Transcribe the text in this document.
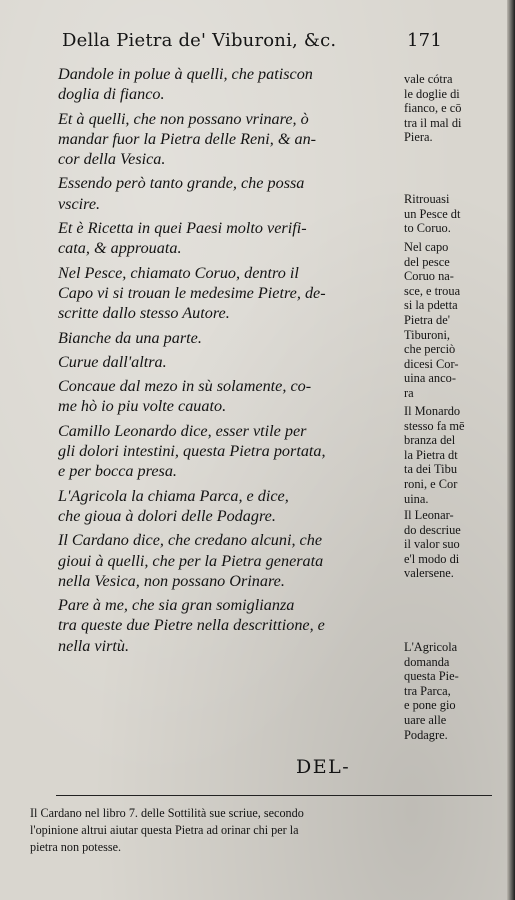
Della Pietra de' Viburoni, &c.	171
Dandole in polue à quelli, che patiscon
doglia di fianco.
Et à quelli, che non possano vrinare, ò
mandar fuor la Pietra delle Reni, & an-
cor della Vesica.
Essendo però tanto grande, che possa
vscire.
Et è Ricetta in quei Paesi molto verifi-
cata, & approuata.
Nel Pesce, chiamato Coruo, dentro il
Capo vi si trouan le medesime Pietre, de-
scritte dallo stesso Autore.
Bianche da una parte.
Curue dall'altra.
Concaue dal mezo in sù solamente, co-
me hò io piu volte cauato.
Camillo Leonardo dice, esser vtile per
gli dolori intestini, questa Pietra portata,
e per bocca presa.
L'Agricola la chiama Parca, e dice,
che gioua à dolori delle Podagre.
Il Cardano dice, che credano alcuni, che
gioui à quelli, che per la Pietra generata
nella Vesica, non possano Orinare.
Pare à me, che sia gran somiglianza
tra queste due Pietre nella descrittione, e
nella virtù.
vale cótra
le doglie di
fianco, e cō
tra il mal di
Piera.
Ritrouasi
un Pesce dt
to Coruo.
Nel capo
del pesce
Coruo na-
sce, e troua
si la pdetta
Pietra de'
Tiburoni,
che perciò
dicesi Cor-
uina anco-
ra
Il Monardo
stesso fa mē
branza del
la Pietra dt
ta dei Tibu
roni, e Cor
uina.
Il Leonar-
do descriue
il valor suo
e'l modo di
valersene.
L'Agricola
domanda
questa Pie-
tra Parca,
e pone gio
uare alle
Podagre.
DEL-
Il Cardano nel libro 7. delle Sottilità sue scriue, secondo
l'opinione altrui aiutar questa Pietra ad orinar chi per la
pietra non potesse.
